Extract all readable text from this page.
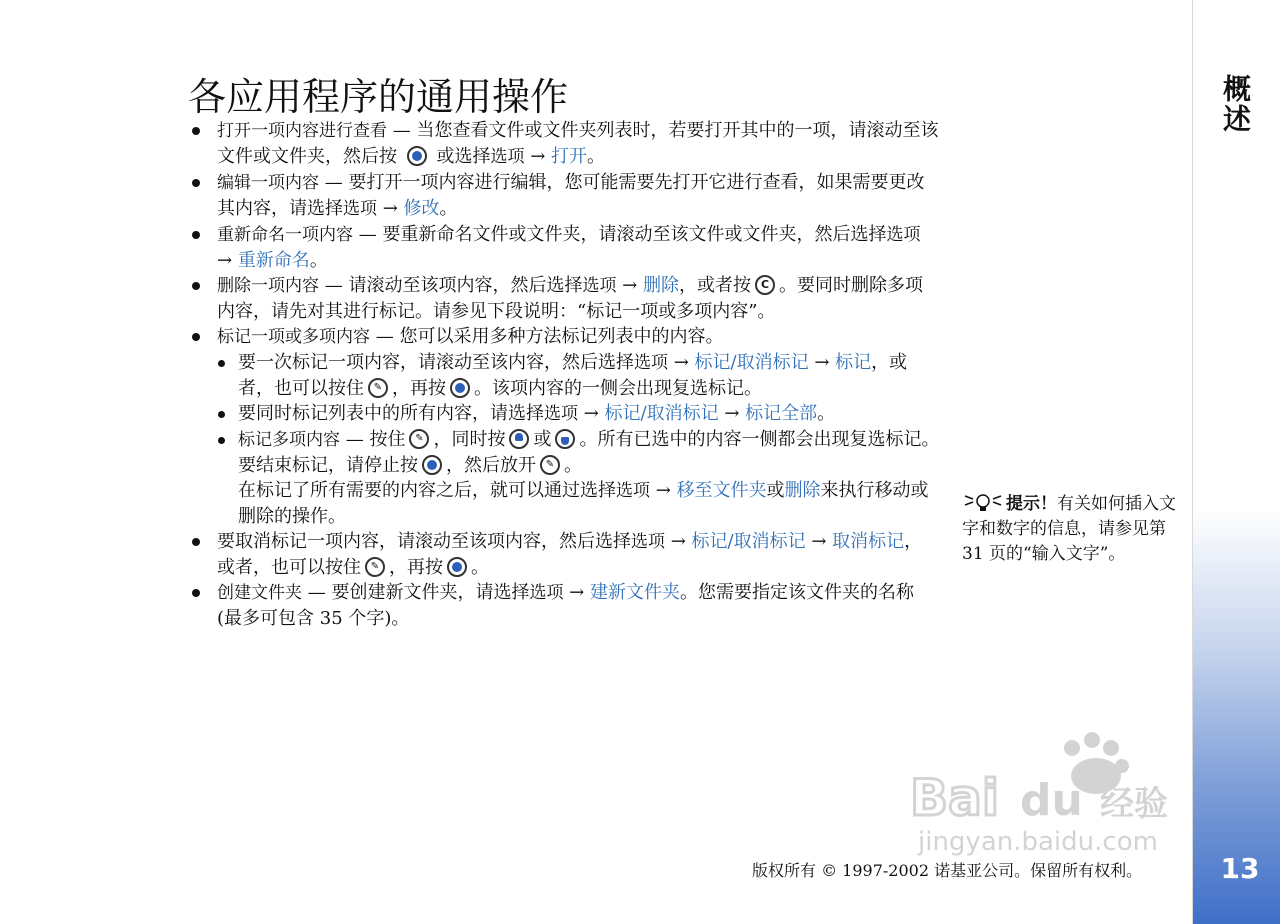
概述
13
各应用程序的通用操作
打开一项内容进行查看 — 当您查看文件或文件夹列表时，若要打开其中的一项，请滚动至该文件或文件夹，然后按 或选择选项 → 打开。
编辑一项内容 — 要打开一项内容进行编辑，您可能需要先打开它进行查看，如果需要更改其内容，请选择选项 → 修改。
重新命名一项内容 — 要重新命名文件或文件夹，请滚动至该文件或文件夹，然后选择选项 → 重新命名。
删除一项内容 — 请滚动至该项内容，然后选择选项 → 删除，或者按 C 。要同时删除多项内容，请先对其进行标记。请参见下段说明：“标记一项或多项内容”。
标记一项或多项内容 — 您可以采用多种方法标记列表中的内容。
要一次标记一项内容，请滚动至该内容，然后选择选项 → 标记/取消标记 → 标记，或者，也可以按住 ✎ ，再按 。该项内容的一侧会出现复选标记。
要同时标记列表中的所有内容，请选择选项 → 标记/取消标记 → 标记全部。
标记多项内容 — 按住 ✎ ，同时按 或 。所有已选中的内容一侧都会出现复选标记。要结束标记，请停止按 ，然后放开 ✎ 。
在标记了所有需要的内容之后，就可以通过选择选项 → 移至文件夹或删除来执行移动或删除的操作。
要取消标记一项内容，请滚动至该项内容，然后选择选项 → 标记/取消标记 → 取消标记，或者，也可以按住 ✎ ，再按 。
创建文件夹 — 要创建新文件夹，请选择选项 → 建新文件夹。您需要指定该文件夹的名称 (最多可包含 35 个字)。
提示！有关如何插入文字和数字的信息，请参见第 31 页的“输入文字”。
Bai du 经验
jingyan.baidu.com
版权所有 © 1997-2002 诺基亚公司。保留所有权利。
